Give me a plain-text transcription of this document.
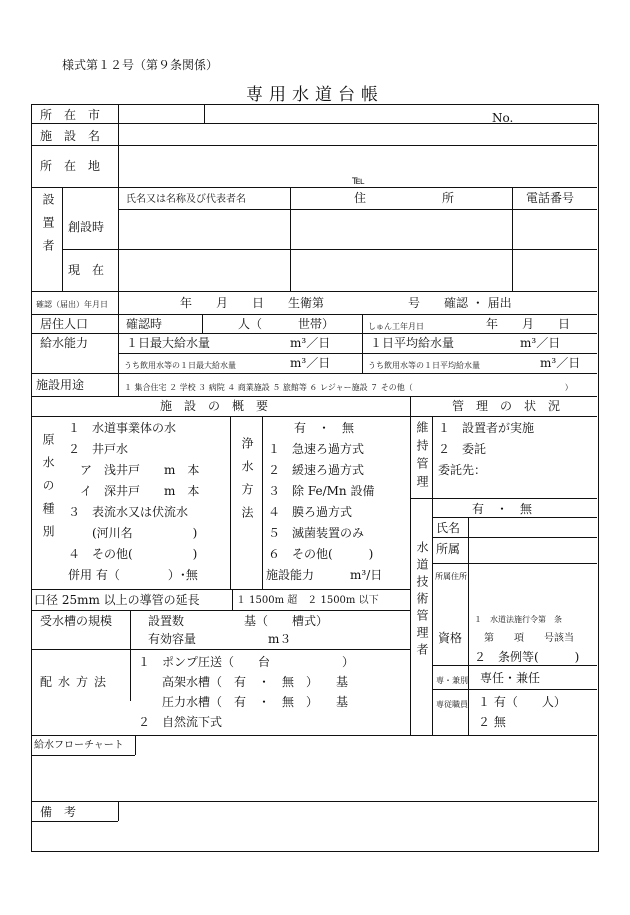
様式第１２号（第９条関係）
専用水道台帳
所　在　市	No.
施　設　名
所　在　地
℡
設置者	氏名又は名称及び代表者名	住	所	電話番号
創設時
現　在
確認（届出）年月日	年　　月　　日　　生衛第　　　　　　　号　　確認 ・ 届出
居住人口	確認時	人（　　　世帯）	しゅん工年月日	年　　月　　日
給水能力	１日最大給水量	m³／日	１日平均給水量	m³／日
うち飲用水等の１日最大給水量	m³／日	うち飲用水等の１日平均給水量	m³／日
施設用途	１ 集合住宅 ２ 学校 ３ 病院 ４ 商業施設 ５ 旅館等 ６ レジャー施設 ７ その他（　　　　　　　　　　　　　　　　　　　）
施　設　の　概　要	管　理　の　状　況
原水の種別
１　水道事業体の水
２　井戸水
　ア　浅井戸　　m　本
　イ　深井戸　　m　本
３　表流水又は伏流水
　　(河川名　　　　　)
４　その他(　　　　　)
併用 有（　　　　）･無
浄水方法
有　・　無
１　急速ろ過方式
２　緩速ろ過方式
３　除 Fe/Mn 設備
４　膜ろ過方式
５　滅菌装置のみ
６　その他(　　　)
施設能力　　　m³/日
口径 25mm 以上の導管の延長	１ 1500m 超　２ 1500m 以下
受水槽の規模	設置数　　　　　基（　　槽式）
有効容量　　　　　　m３
配水方法
１　ポンプ圧送（　　台　　　　　　）
　　高架水槽（　有　・　無　）　　基
　　圧力水槽（　有　・　無　）　　基
２　自然流下式
維持管理 １　設置者が実施
２　委託
委託先：
水道技術管理者
有　・　無
氏名
所属
所属住所
資格
１　水道法施行令第　条
第　　項　　号該当
２　条例等(　　　)
専・兼別 専任・兼任
専従職員 １ 有（　　人）
２ 無
給水フローチャート
備　考
